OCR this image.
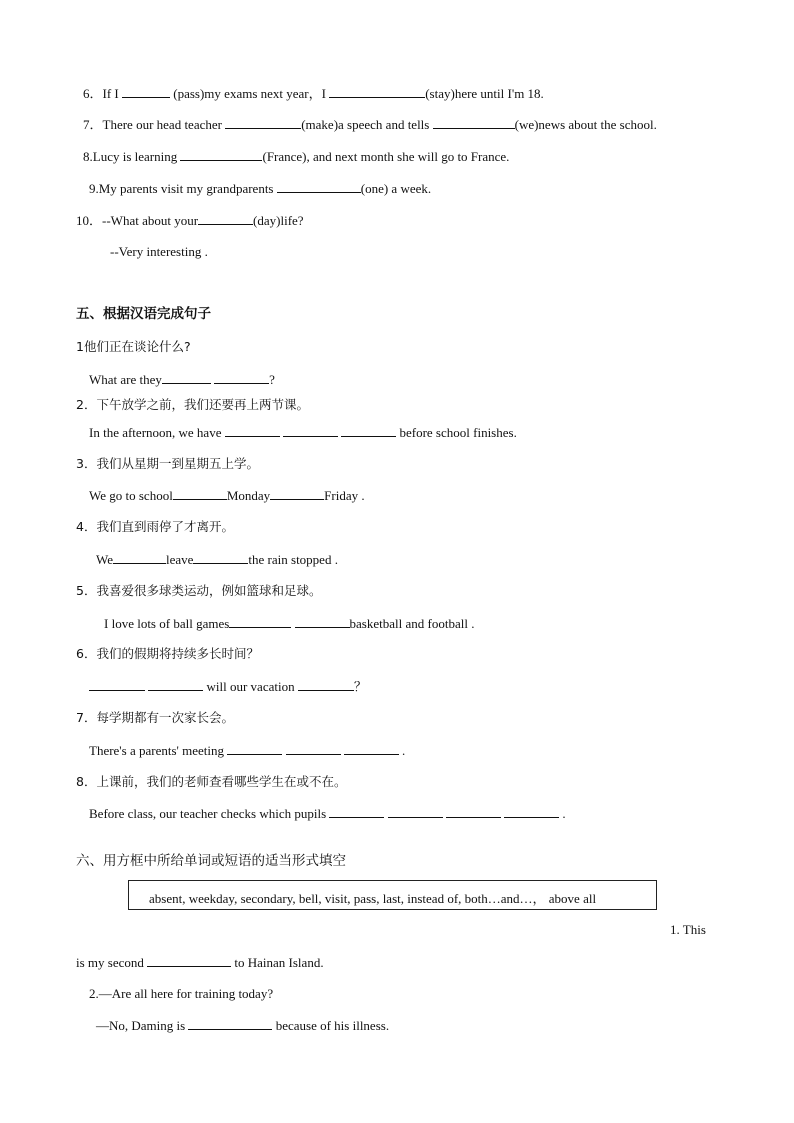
6．If I	(pass)my exams next year，I	(stay)here until I'm 18.
7．There our head teacher	(make)a speech and tells	(we)news about the school.
8.Lucy is learning	(France), and next month she will go to France.
9.My parents visit my grandparents	(one) a week.
10．--What about your	(day)life?
--Very interesting .
五、根据汉语完成句子
1他们正在谈论什么?
What are they	?
2．下午放学之前，我们还要再上两节课。
In the afternoon, we have	before school finishes.
3．我们从星期一到星期五上学。
We go to school	Monday	Friday .
4．我们直到雨停了才离开。
We	leave	the rain stopped .
5．我喜爱很多球类运动，例如篮球和足球。
I love lots of ball games	basketball and football .
6．我们的假期将持续多长时间？
will our vacation	？
7．每学期都有一次家长会。
There's a parents' meeting	.
8．上课前，我们的老师查看哪些学生在或不在。
Before class, our teacher checks which pupils	.
六、用方框中所给单词或短语的适当形式填空
absent, weekday, secondary, bell, visit, pass, last, instead of, both…and…， above all
1. This
is my second	to Hainan Island.
2.—Are all here for training today?
—No, Daming is	because of his illness.
